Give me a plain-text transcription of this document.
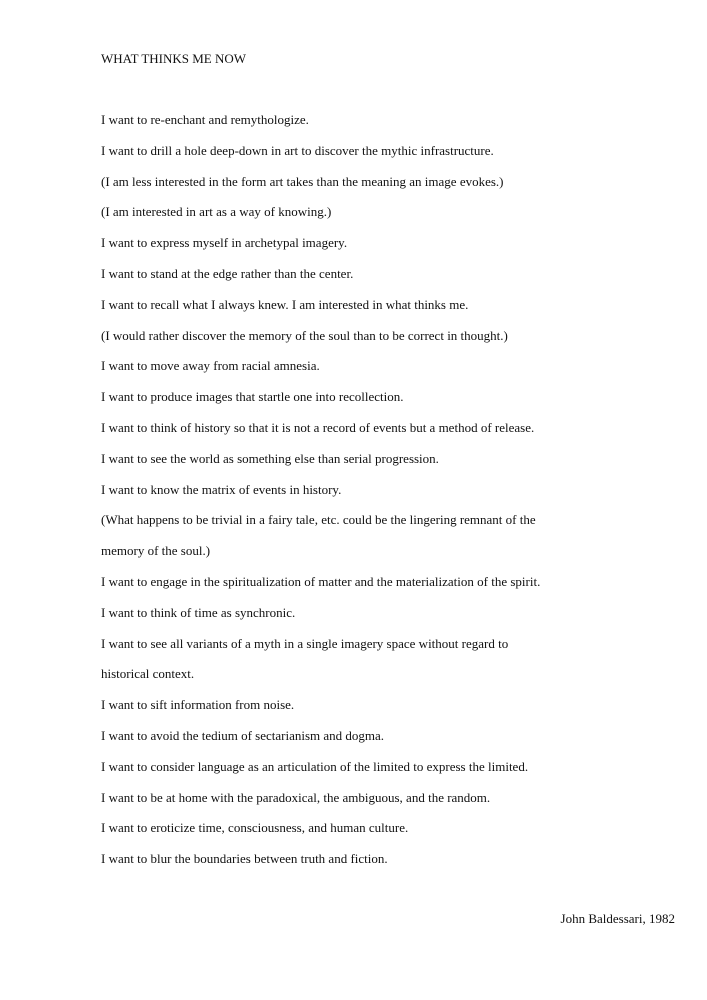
WHAT THINKS ME NOW
I want to re-enchant and remythologize.
I want to drill a hole deep-down in art to discover the mythic infrastructure.
(I am less interested in the form art takes than the meaning an image evokes.)
(I am interested in art as a way of knowing.)
I want to express myself in archetypal imagery.
I want to stand at the edge rather than the center.
I want to recall what I always knew. I am interested in what thinks me.
(I would rather discover the memory of the soul than to be correct in thought.)
I want to move away from racial amnesia.
I want to produce images that startle one into recollection.
I want to think of history so that it is not a record of events but a method of release.
I want to see the world as something else than serial progression.
I want to know the matrix of events in history.
(What happens to be trivial in a fairy tale, etc. could be the lingering remnant of the
memory of the soul.)
I want to engage in the spiritualization of matter and the materialization of the spirit.
I want to think of time as synchronic.
I want to see all variants of a myth in a single imagery space without regard to
historical context.
I want to sift information from noise.
I want to avoid the tedium of sectarianism and dogma.
I want to consider language as an articulation of the limited to express the limited.
I want to be at home with the paradoxical, the ambiguous, and the random.
I want to eroticize time, consciousness, and human culture.
I want to blur the boundaries between truth and fiction.
John Baldessari, 1982
